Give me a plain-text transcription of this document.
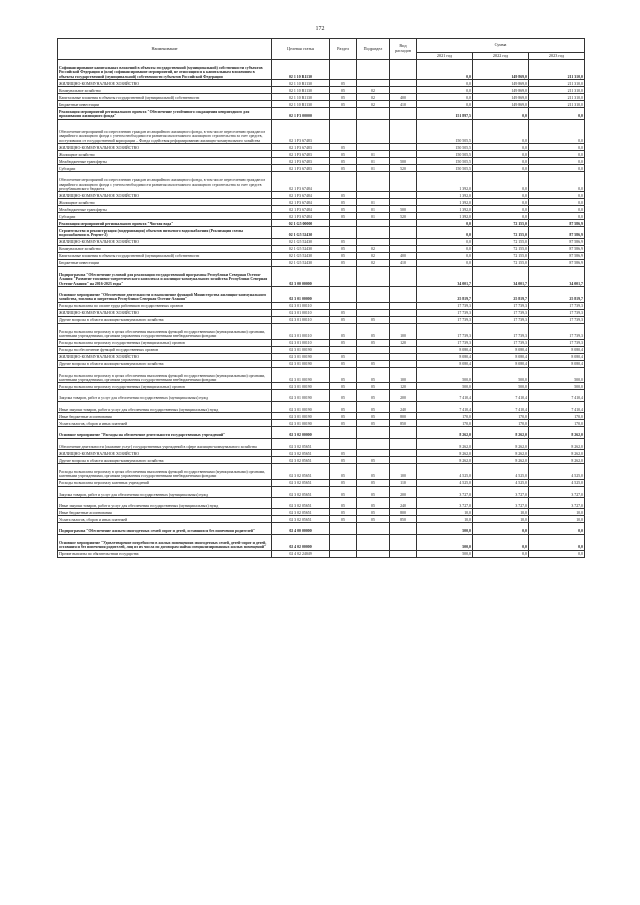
172
Наименование	Целевая статья	Раздел	Подраздел	Вид расходов	Сумма		
					2021 год	2022 год	2023 год
Софинансирование капитальных вложений в объекты государственной (муниципальной) собственности субъектов Российской Федерации и (или) софинансирование мероприятий, не относящихся к капитальным вложениям в объекты государственной (муниципальной) собственности субъектов Российской Федерации	02 1 10 R1130				0,0	149 869,0	211 310,0
ЖИЛИЩНО-КОММУНАЛЬНОЕ ХОЗЯЙСТВО	02 1 10 R1130	05			0,0	149 869,0	211 310,0
Коммунальное хозяйство	02 1 10 R1130	05	02		0,0	149 869,0	211 310,0
Капитальные вложения в объекты государственной (муниципальной) собственности	02 1 10 R1130	05	02	400	0,0	149 869,0	211 310,0
Бюджетные инвестиции	02 1 10 R1130	05	02	410	0,0	149 869,0	211 310,0
Реализация мероприятий регионального проекта "Обеспечение устойчивого сокращения непригодного для проживания жилищного фонда"	02 1 F3 00000				151 897,5	0,0	0,0
Обеспечение мероприятий по переселению граждан из аварийного жилищного фонда, в том числе переселению граждан из аварийного жилищного фонда с учетом необходимости развития малоэтажного жилищного строительства за счет средств, поступивших от государственной корпорации – Фонда содействия реформированию жилищно-коммунального хозяйства	02 1 F3 67483				150 505,5	0,0	0,0
ЖИЛИЩНО-КОММУНАЛЬНОЕ ХОЗЯЙСТВО	02 1 F3 67483	05			150 505,5	0,0	0,0
Жилищное хозяйство	02 1 F3 67483	05	01		150 505,5	0,0	0,0
Межбюджетные трансферты	02 1 F3 67483	05	01	500	150 505,5	0,0	0,0
Субсидии	02 1 F3 67483	05	01	520	150 505,5	0,0	0,0
Обеспечение мероприятий по переселению граждан из аварийного жилищного фонда, в том числе переселению граждан из аварийного жилищного фонда с учетом необходимости развития малоэтажного жилищного строительства за счет средств республиканского бюджета	02 1 F3 67484				1 392,0	0,0	0,0
ЖИЛИЩНО-КОММУНАЛЬНОЕ ХОЗЯЙСТВО	02 1 F3 67484	05			1 392,0	0,0	0,0
Жилищное хозяйство	02 1 F3 67484	05	01		1 392,0	0,0	0,0
Межбюджетные трансферты	02 1 F3 67484	05	01	500	1 392,0	0,0	0,0
Субсидии	02 1 F3 67484	05	01	520	1 392,0	0,0	0,0
Реализация мероприятий регионального проекта "Чистая вода"	02 1 G5 00000				0,0	72 155,0	87 586,9
Строительство и реконструкция (модернизация) объектов питьевого водоснабжения (Реализация схемы водоснабжения п. Рецепт-2)	02 1 G5 52430				0,0	72 155,0	87 586,9
ЖИЛИЩНО-КОММУНАЛЬНОЕ ХОЗЯЙСТВО	02 1 G5 52430	05			0,0	72 155,0	87 586,9
Коммунальное хозяйство	02 1 G5 52430	05	02		0,0	72 155,0	87 586,9
Капитальные вложения в объекты государственной (муниципальной) собственности	02 1 G5 52430	05	02	400	0,0	72 155,0	87 586,9
Бюджетные инвестиции	02 1 G5 52430	05	02	410	0,0	72 155,0	87 586,9
Подпрограмма "Обеспечение условий для реализации государственной программы Республики Северная Осетия-Алания "Развитие топливно-энергетического комплекса и жилищно-коммунального хозяйства Республики Северная Осетия-Алания" на 2016-2023 годы"	02 3 00 00000				34 001,7	34 001,7	34 001,7
Основное мероприятие "Обеспечение деятельности и выполнение функций Министерства жилищно-коммунального хозяйства, топлива и энергетики Республики Северная Осетия-Алания"	02 3 01 00000				25 819,7	25 819,7	25 819,7
Расходы на выплаты по оплате труда работников государственных органов	02 3 01 00110				17 739,3	17 739,3	17 739,3
ЖИЛИЩНО-КОММУНАЛЬНОЕ ХОЗЯЙСТВО	02 3 01 00110	05			17 739,3	17 739,3	17 739,3
Другие вопросы в области жилищно-коммунального хозяйства	02 3 01 00110	05	05		17 739,3	17 739,3	17 739,3
Расходы на выплаты персоналу в целях обеспечения выполнения функций государственными (муниципальными) органами, казенными учреждениями, органами управления государственными внебюджетными фондами	02 3 01 00110	05	05	100	17 739,3	17 739,3	17 739,3
Расходы на выплаты персоналу государственных (муниципальных) органов	02 3 01 00110	05	05	120	17 739,3	17 739,3	17 739,3
Расходы на обеспечение функций государственных органов	02 3 01 00190				8 080,4	8 080,4	8 080,4
ЖИЛИЩНО-КОММУНАЛЬНОЕ ХОЗЯЙСТВО	02 3 01 00190	05			8 080,4	8 080,4	8 080,4
Другие вопросы в области жилищно-коммунального хозяйства	02 3 01 00190	05	05		8 080,4	8 080,4	8 080,4
Расходы на выплаты персоналу в целях обеспечения выполнения функций государственными (муниципальными) органами, казенными учреждениями, органами управления государственными внебюджетными фондами	02 3 01 00190	05	05	100	500,0	500,0	500,0
Расходы на выплаты персоналу государственных (муниципальных) органов	02 3 01 00190	05	05	120	500,0	500,0	500,0
Закупка товаров, работ и услуг для обеспечения государственных (муниципальных) нужд	02 3 01 00190	05	05	200	7 410,4	7 410,4	7 410,4
Иные закупки товаров, работ и услуг для обеспечения государственных (муниципальных) нужд	02 3 01 00190	05	05	240	7 410,4	7 410,4	7 410,4
Иные бюджетные ассигнования	02 3 01 00190	05	05	800	170,0	170,0	170,0
Уплата налогов, сборов и иных платежей	02 3 01 00190	05	05	850	170,0	170,0	170,0
Основное мероприятие "Расходы на обеспечение деятельности государственных учреждений"	02 3 02 00000				8 262,0	8 262,0	8 262,0
Обеспечение деятельности (оказание услуг) государственных учреждений в сфере жилищно-коммунального хозяйства	02 3 02 05651				8 262,0	8 262,0	8 262,0
ЖИЛИЩНО-КОММУНАЛЬНОЕ ХОЗЯЙСТВО	02 3 02 05651	05			8 262,0	8 262,0	8 262,0
Другие вопросы в области жилищно-коммунального хозяйства	02 3 02 05651	05	05		8 262,0	8 262,0	8 262,0
Расходы на выплаты персоналу в целях обеспечения выполнения функций государственными (муниципальными) органами, казенными учреждениями, органами управления государственными внебюджетными фондами	02 3 02 05651	05	05	100	4 525,0	4 525,0	4 525,0
Расходы на выплаты персоналу казенных учреждений	02 3 02 05651	05	05	110	4 525,0	4 525,0	4 525,0
Закупка товаров, работ и услуг для обеспечения государственных (муниципальных) нужд	02 3 02 05651	05	05	200	3 727,0	3 727,0	3 727,0
Иные закупки товаров, работ и услуг для обеспечения государственных (муниципальных) нужд	02 3 02 05651	05	05	240	3 727,0	3 727,0	3 727,0
Иные бюджетные ассигнования	02 3 02 05651	05	05	800	10,0	10,0	10,0
Уплата налогов, сборов и иных платежей	02 3 02 05651	05	05	850	10,0	10,0	10,0
Подпрограмма "Обеспечение жильем многодетных семей сирот и детей, оставшихся без попечения родителей"	02 4 00 00000				500,0	0,0	0,0
Основное мероприятие "Удовлетворение потребности в жилых помещениях многодетных семей, детей-сирот и детей, оставшихся без попечения родителей, лиц из их числа по договорам найма специализированных жилых помещений"	02 4 02 00000				500,0	0,0	0,0
Прочие выплаты по обязательствам государства	02 4 02 24049				500,0	0,0	0,0
